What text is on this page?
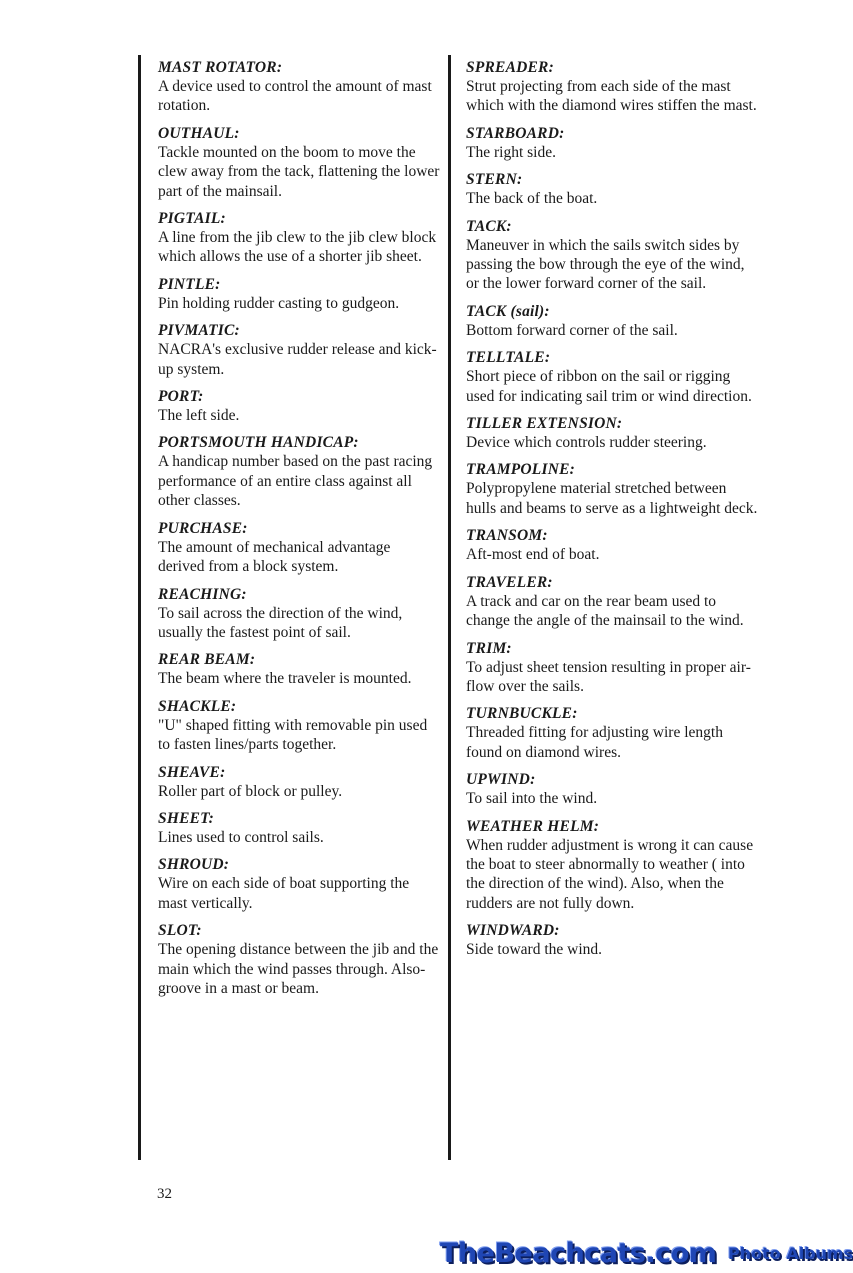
MAST ROTATOR:
A device used to control the amount of mast rotation.
OUTHAUL:
Tackle mounted on the boom to move the clew away from the tack, flattening the lower part of the mainsail.
PIGTAIL:
A line from the jib clew to the jib clew block which allows the use of a shorter jib sheet.
PINTLE:
Pin holding rudder casting to gudgeon.
PIVMATIC:
NACRA's exclusive rudder release and kick-up system.
PORT:
The left side.
PORTSMOUTH HANDICAP:
A handicap number based on the past racing performance of an entire class against all other classes.
PURCHASE:
The amount of mechanical advantage derived from a block system.
REACHING:
To sail across the direction of the wind, usually the fastest point of sail.
REAR BEAM:
The beam where the traveler is mounted.
SHACKLE:
"U" shaped fitting with removable pin used to fasten lines/parts together.
SHEAVE:
Roller part of block or pulley.
SHEET:
Lines used to control sails.
SHROUD:
Wire on each side of boat supporting the mast vertically.
SLOT:
The opening distance between the jib and the main which the wind passes through. Also- groove in a mast or beam.
SPREADER:
Strut projecting from each side of the mast which with the diamond wires stiffen the mast.
STARBOARD:
The right side.
STERN:
The back of the boat.
TACK:
Maneuver in which the sails switch sides by passing the bow through the eye of the wind, or the lower forward corner of the sail.
TACK (sail):
Bottom forward corner of the sail.
TELLTALE:
Short piece of ribbon on the sail or rigging used for indicating sail trim or wind direction.
TILLER EXTENSION:
Device which controls rudder steering.
TRAMPOLINE:
Polypropylene material stretched between hulls and beams to serve as a lightweight deck.
TRANSOM:
Aft-most end of boat.
TRAVELER:
A track and car on the rear beam used to change the angle of the mainsail to the wind.
TRIM:
To adjust sheet tension resulting in proper air-flow over the sails.
TURNBUCKLE:
Threaded fitting for adjusting wire length found on diamond wires.
UPWIND:
To sail into the wind.
WEATHER HELM:
When rudder adjustment is wrong it can cause the boat to steer abnormally to weather ( into the direction of the wind). Also, when the rudders are not fully down.
WINDWARD:
Side toward the wind.
32
TheBeachcats.com Photo Albums
